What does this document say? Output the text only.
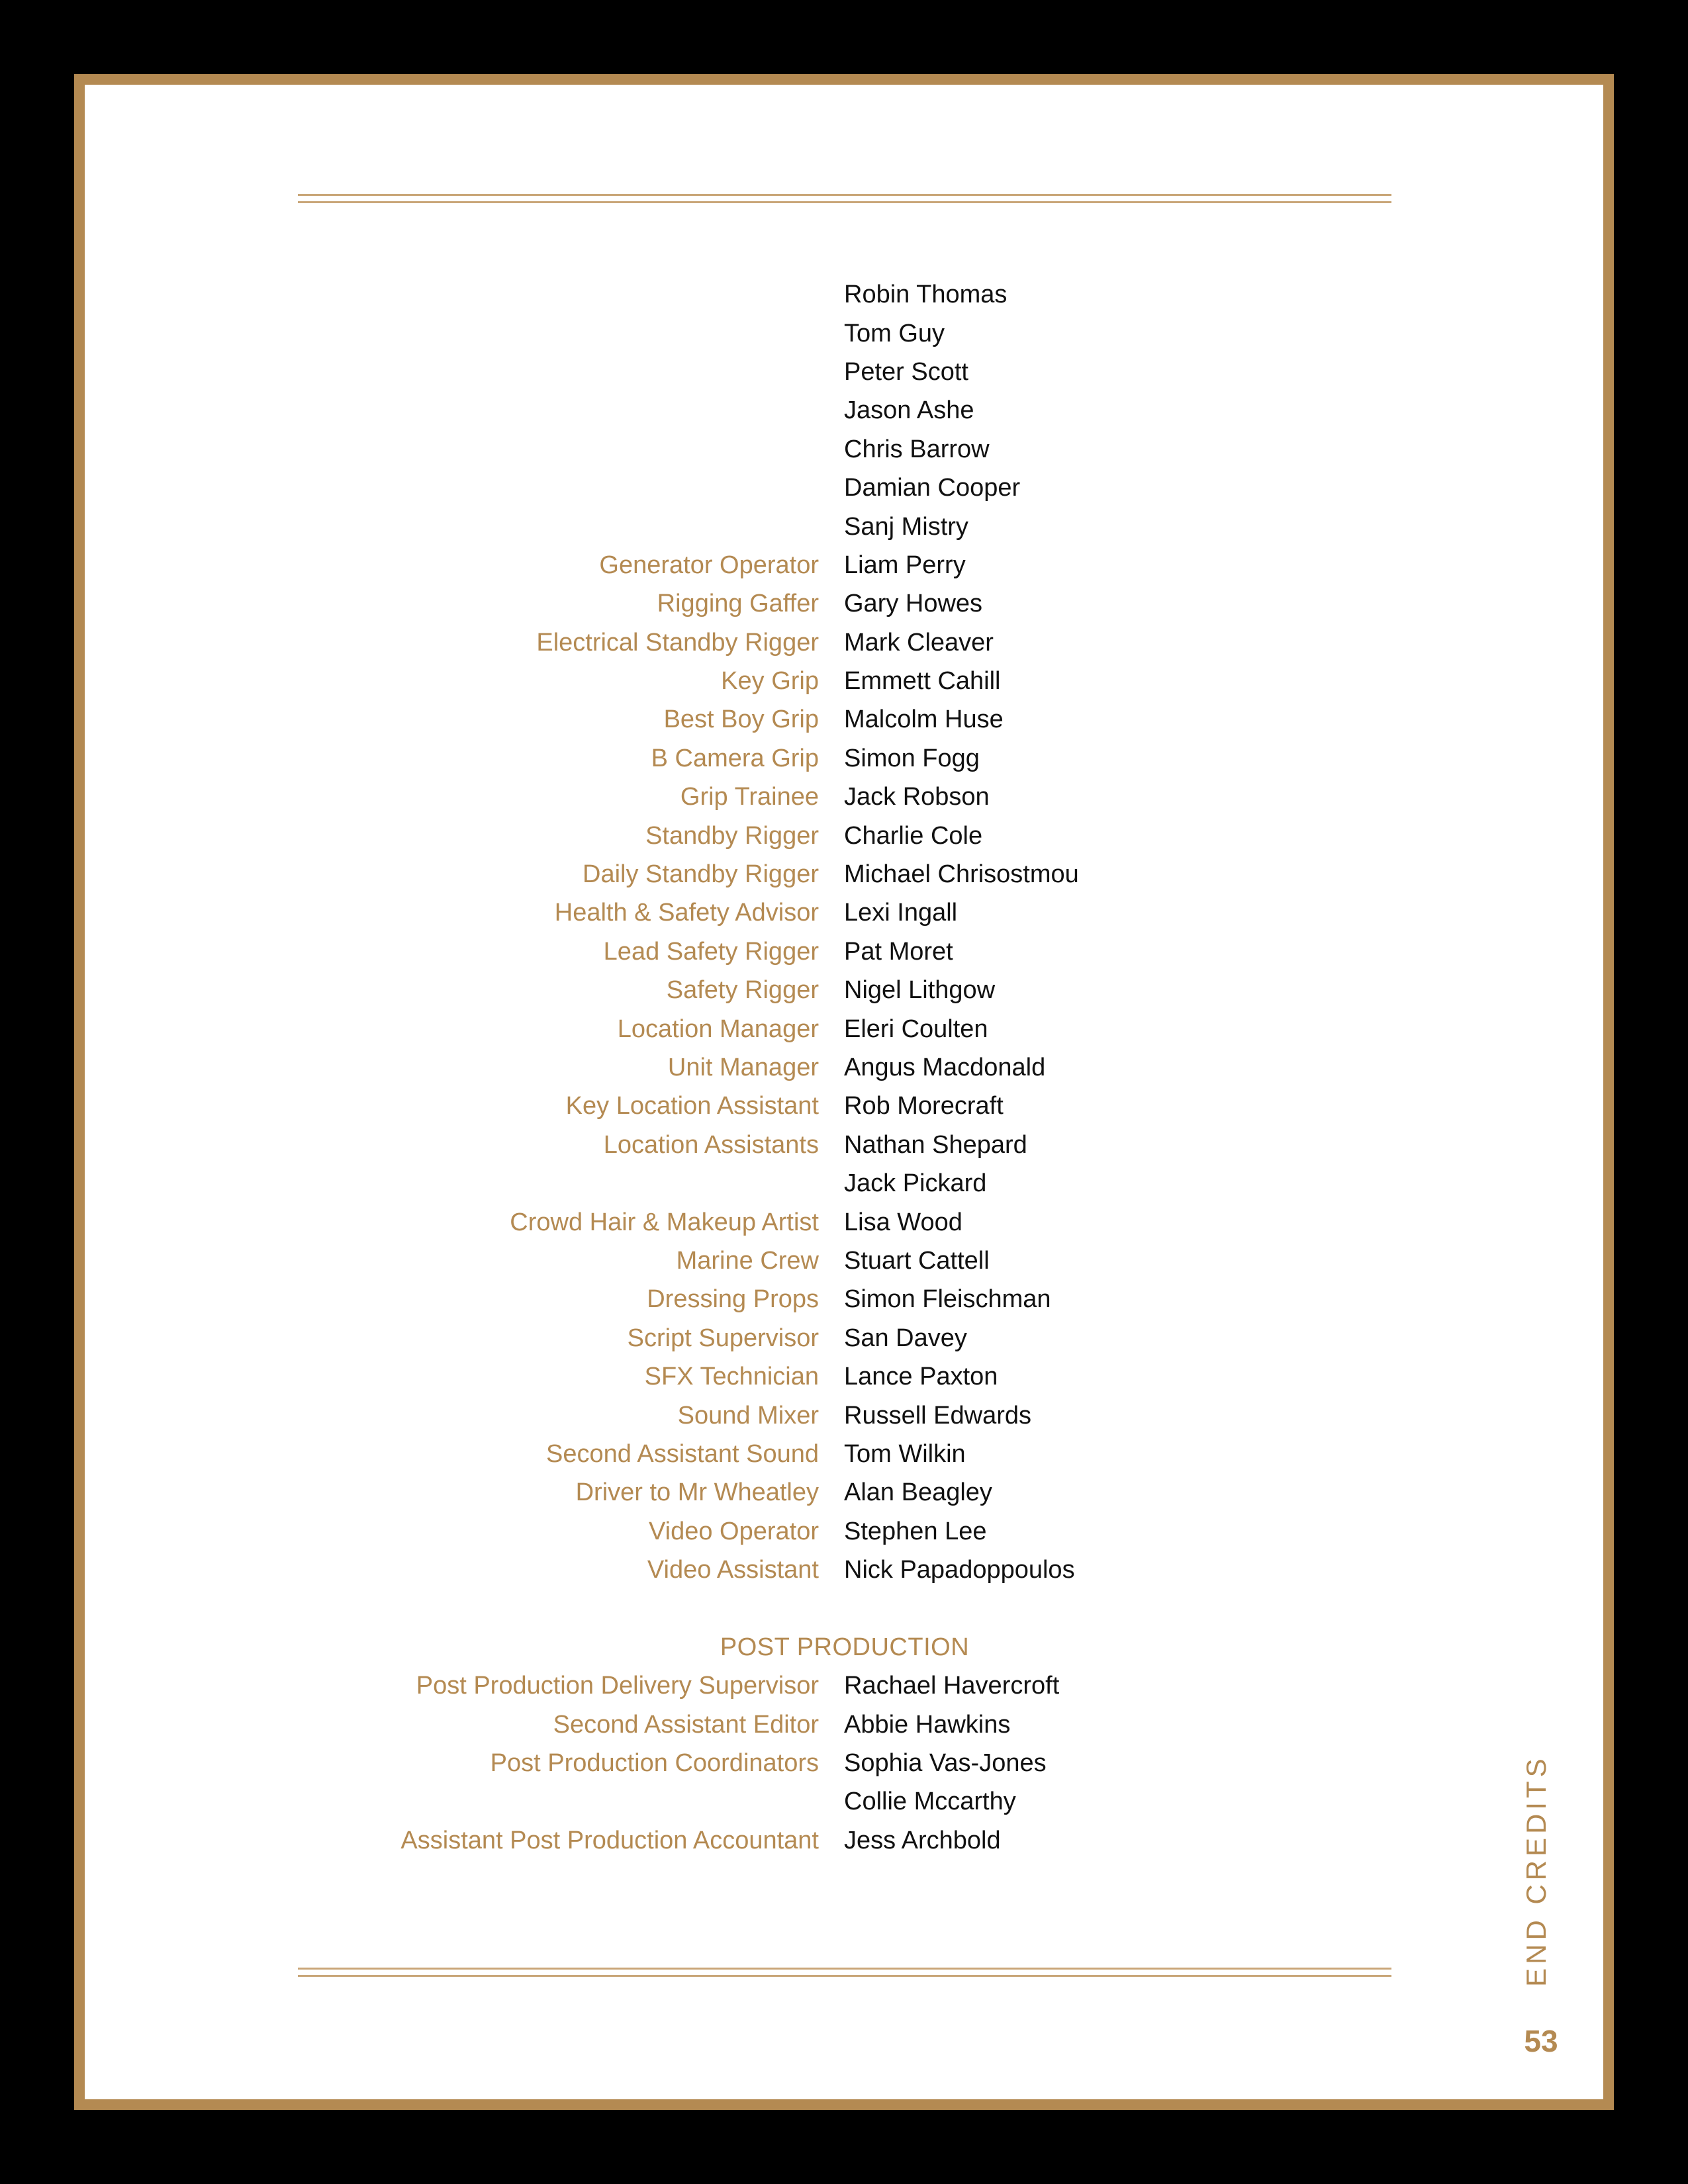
Robin Thomas
Tom Guy
Peter Scott
Jason Ashe
Chris Barrow
Damian Cooper
Sanj Mistry
Generator Operator Liam Perry
Rigging Gaffer Gary Howes
Electrical Standby Rigger Mark Cleaver
Key Grip Emmett Cahill
Best Boy Grip Malcolm Huse
B Camera Grip Simon Fogg
Grip Trainee Jack Robson
Standby Rigger Charlie Cole
Daily Standby Rigger Michael Chrisostmou
Health & Safety Advisor Lexi Ingall
Lead Safety Rigger Pat Moret
Safety Rigger Nigel Lithgow
Location Manager Eleri Coulten
Unit Manager Angus Macdonald
Key Location Assistant Rob Morecraft
Location Assistants Nathan Shepard
Jack Pickard
Crowd Hair & Makeup Artist Lisa Wood
Marine Crew Stuart Cattell
Dressing Props Simon Fleischman
Script Supervisor San Davey
SFX Technician Lance Paxton
Sound Mixer Russell Edwards
Second Assistant Sound Tom Wilkin
Driver to Mr Wheatley Alan Beagley
Video Operator Stephen Lee
Video Assistant Nick Papadoppoulos
POST PRODUCTION
Post Production Delivery Supervisor Rachael Havercroft
Second Assistant Editor Abbie Hawkins
Post Production Coordinators Sophia Vas-Jones
Collie Mccarthy
Assistant Post Production Accountant Jess Archbold	END CREDITS
53
